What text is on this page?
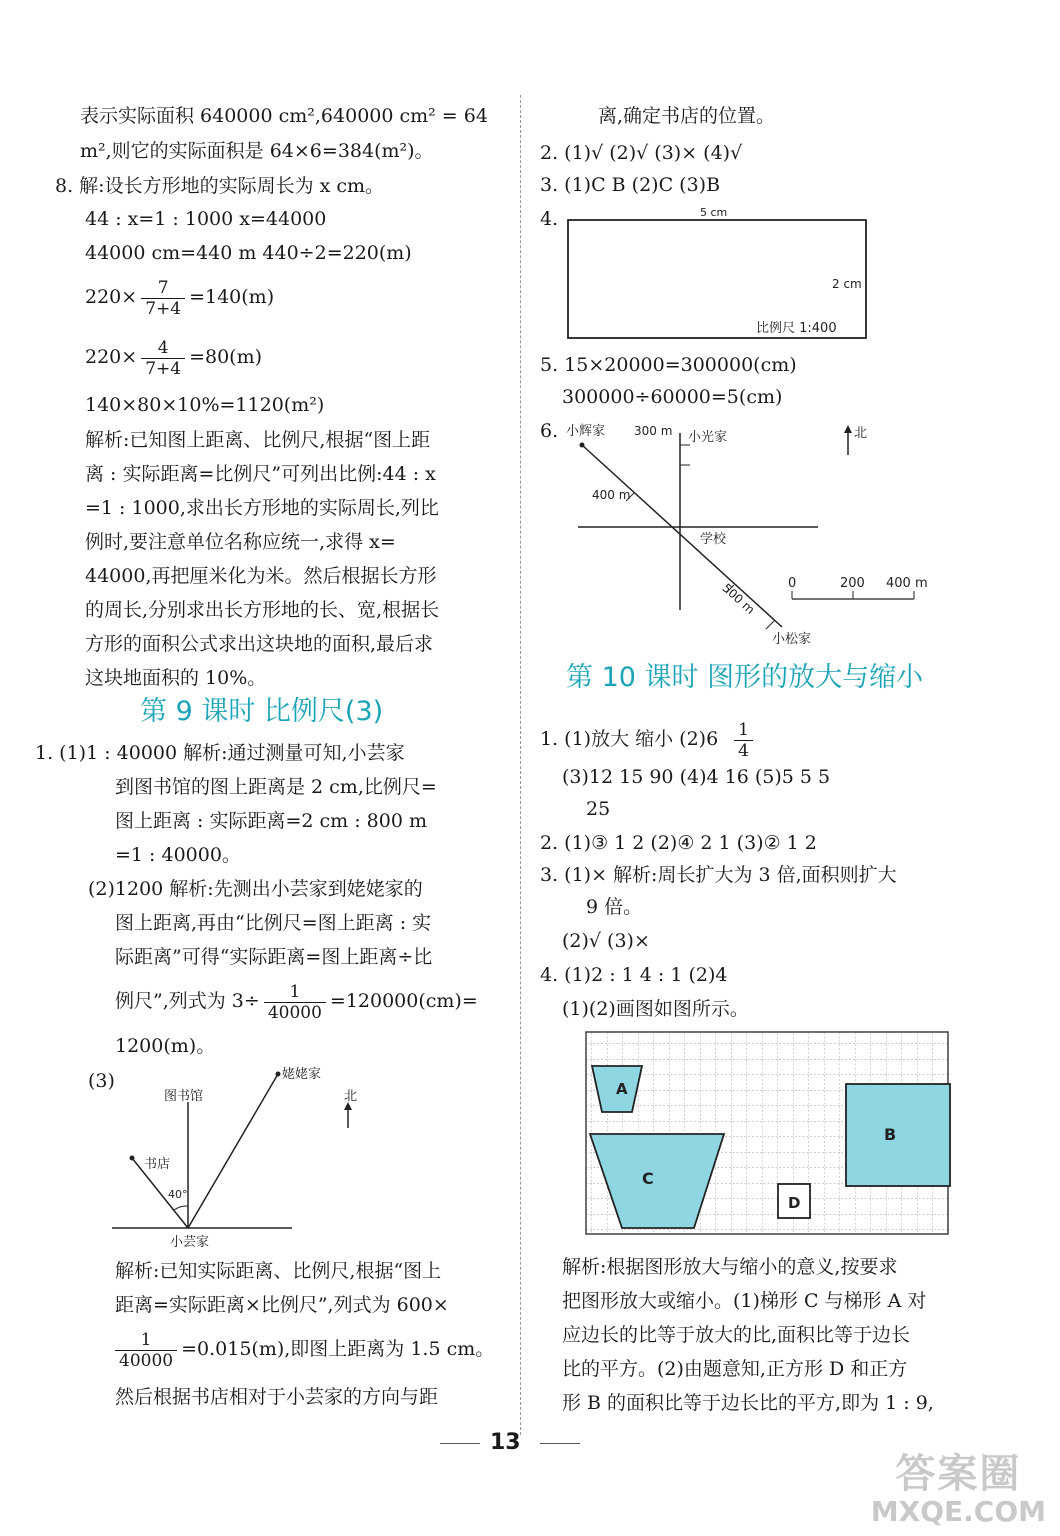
表示实际面积 640000 cm²,640000 cm² = 64
m²,则它的实际面积是 64×6=384(m²)。
8. 解:设长方形地的实际周长为 x cm。
44 : x=1 : 1000 x=44000
44000 cm=440 m 440÷2=220(m)
$220\times \frac{7}{7+4} =140(m)$
$220\times \frac{4}{7+4} =80(m)$
140×80×10%=1120(m²)
解析:已知图上距离、比例尺,根据“图上距
离 : 实际距离=比例尺”可列出比例:44 : x
=1 : 1000,求出长方形地的实际周长,列比
例时,要注意单位名称应统一,求得 x=
44000,再把厘米化为米。然后根据长方形
的周长,分别求出长方形地的长、宽,根据长
方形的面积公式求出这块地的面积,最后求
这块地面积的 10%。
第 9 课时 比例尺(3)
1. (1)1 : 40000 解析:通过测量可知,小芸家
到图书馆的图上距离是 2 cm,比例尺=
图上距离 : 实际距离=2 cm : 800 m
=1 : 40000。
(2)1200 解析:先测出小芸家到姥姥家的
图上距离,再由“比例尺=图上距离 : 实
际距离”可得“实际距离=图上距离÷比
例尺”,列式为 $3\div \frac{1}{40000} =120000(cm)=$
1200(m)。
(3)
图书馆
书店
姥姥家
小芸家
40°
北
解析:已知实际距离、比例尺,根据“图上
距离=实际距离×比例尺”,列式为 600×
$\frac{1}{40000} =0.015(m)$,即图上距离为 1.5 cm。
然后根据书店相对于小芸家的方向与距
离,确定书店的位置。
2. (1)√ (2)√ (3)× (4)√
3. (1)C B (2)C (3)B
4.	5 cm
2 cm
比例尺 1:400
5. 15×20000=300000(cm)
300000÷60000=5(cm)
6. 小辉家	小光家
小松家
学校
300 m
400 m
500 m
北
0	200 400 m
第 10 课时 图形的放大与缩小
1. (1)放大 缩小 $(2)6 \frac{1}{4}$
(3)12 15 90 (4)4 16 (5)5 5 5
25
2. (1)③ 1 2 (2)④ 2 1 (3)② 1 2
3. (1)× 解析:周长扩大为 3 倍,面积则扩大
9 倍。
(2)√ (3)×
4. (1)2 : 1 4 : 1 (2)4
(1)(2)画图如图所示。
A
C
B
D
解析:根据图形放大与缩小的意义,按要求
把图形放大或缩小。(1)梯形 C 与梯形 A 对
应边长的比等于放大的比,面积比等于边长
比的平方。(2)由题意知,正方形 D 和正方
形 B 的面积比等于边长比的平方,即为 1 : 9,
13
答案圈
MXQE.COM
